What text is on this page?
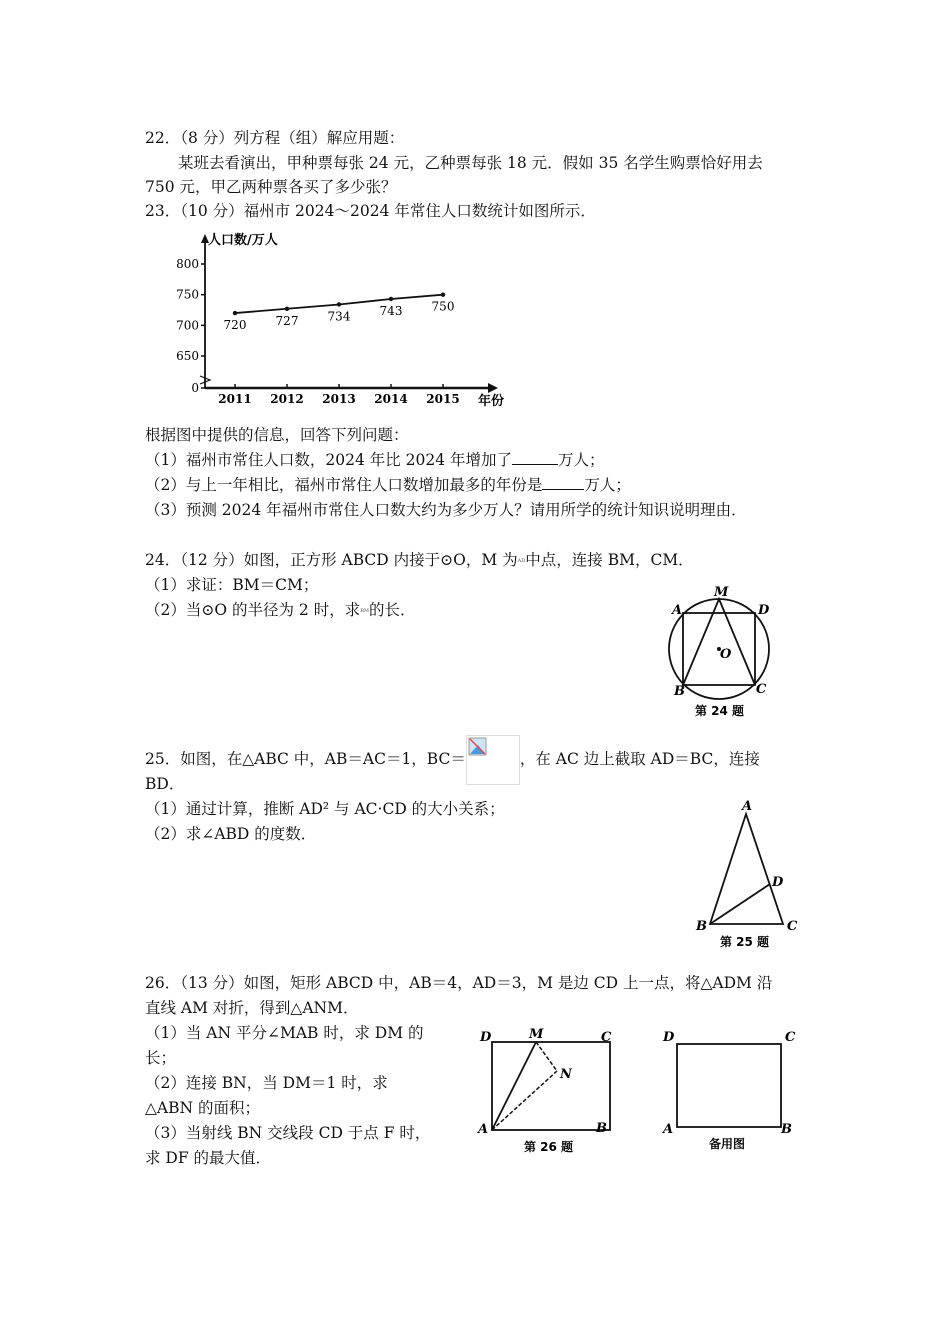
22．（8 分）列方程（组）解应用题：
某班去看演出，甲种票每张 24 元，乙种票每张 18 元．假如 35 名学生购票恰好用去
750 元，甲乙两种票各买了多少张？
23．（10 分）福州市 2024～2024 年常住人口数统计如图所示．
人口数/万人
800
750
700
650
0
2011 2012 2013 2014 2015
720 727 734 743 750
年份
根据图中提供的信息，回答下列问题：
（1）福州市常住人口数，2024 年比 2024 年增加了	万人；
（2）与上一年相比，福州市常住人口数增加最多的年份是	万人；
（3）预测 2024 年福州市常住人口数大约为多少万人？请用所学的统计知识说明理由．
24．（12 分）如图，正方形 ABCD 内接于⊙O，M 为AD中点，连接 BM，CM．
（1）求证：BM＝CM；
（2）当⊙O 的半径为 2 时，求BM的长．
M
A	D
O
B	C
第 24 题
25．如图，在△ABC 中，AB＝AC＝1，BC＝	，在 AC 边上截取 AD＝BC，连接
BD．
（1）通过计算，推断 AD² 与 AC·CD 的大小关系；
（2）求∠ABD 的度数．
A
D
B	C
第 25 题
26．（13 分）如图，矩形 ABCD 中，AB＝4，AD＝3，M 是边 CD 上一点，将△ADM 沿
直线 AM 对折，得到△ANM．
（1）当 AN 平分∠MAB 时，求 DM 的
长；
（2）连接 BN，当 DM＝1 时，求
△ABN 的面积；
（3）当射线 BN 交线段 CD 于点 F 时，
求 DF 的最大值．
D	M	C
N
A	B
第 26 题
D	C
A	B
备用图
